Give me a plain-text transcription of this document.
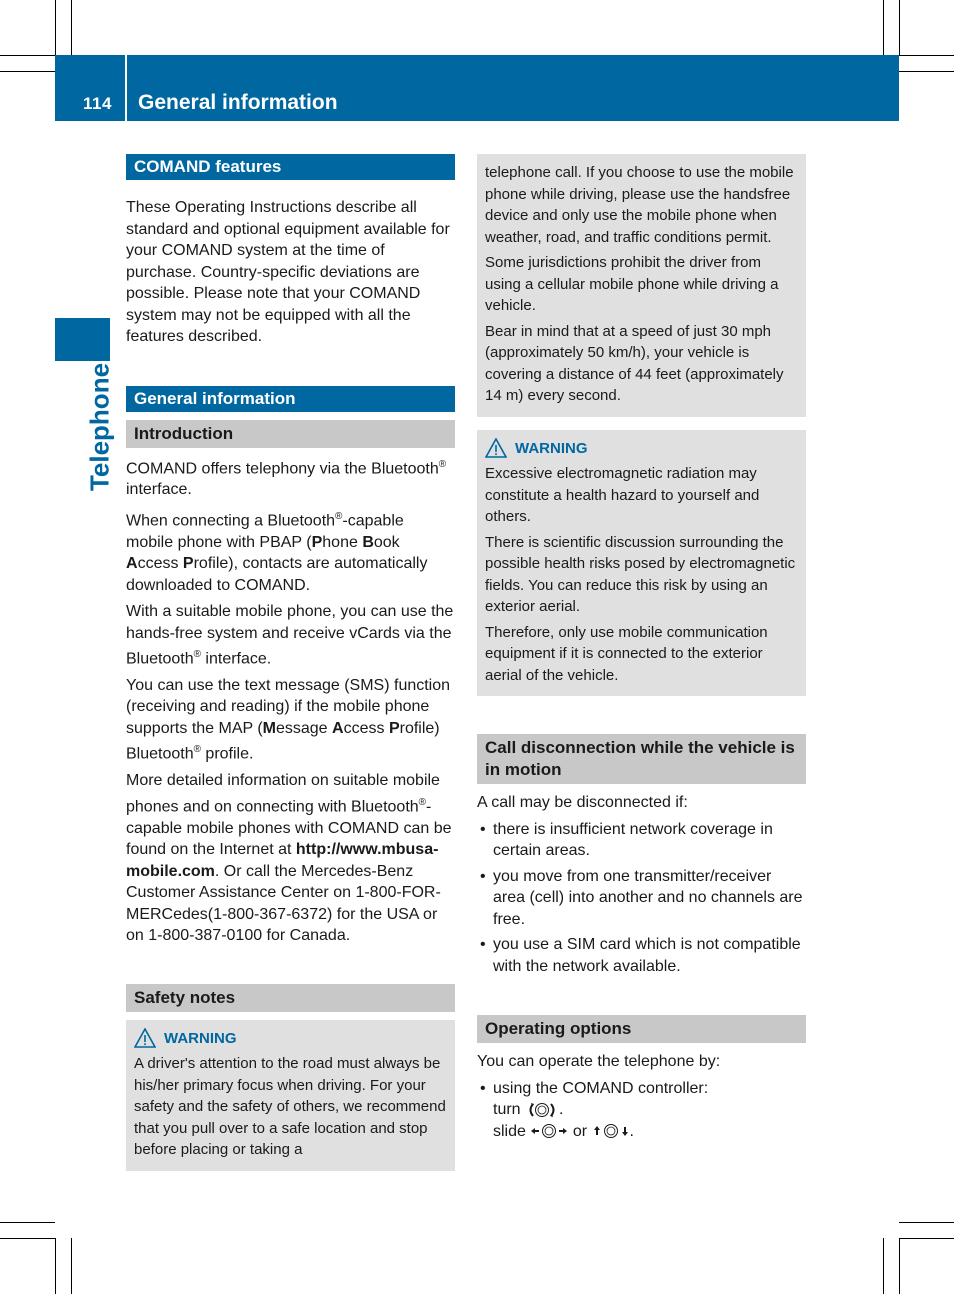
114 General information
Telephone
COMAND features

These Operating Instructions describe all standard and optional equipment available for your COMAND system at the time of purchase. Country-specific deviations are possible. Please note that your COMAND system may not be equipped with all the features described.

General information
Introduction

COMAND offers telephony via the Bluetooth® interface.

When connecting a Bluetooth®-capable mobile phone with PBAP (Phone Book Access Profile), contacts are automatically downloaded to COMAND.

With a suitable mobile phone, you can use the hands-free system and receive vCards via the Bluetooth® interface.

You can use the text message (SMS) function (receiving and reading) if the mobile phone supports the MAP (Message Access Profile) Bluetooth® profile.

More detailed information on suitable mobile phones and on connecting with Bluetooth®-capable mobile phones with COMAND can be found on the Internet at http://www.mbusa-mobile.com. Or call the Mercedes-Benz Customer Assistance Center on 1-800-FOR-MERCedes(1-800-367-6372) for the USA or on 1-800-387-0100 for Canada.

Safety notes
WARNING

A driver's attention to the road must always be his/her primary focus when driving. For your safety and the safety of others, we recommend that you pull over to a safe location and stop before placing or taking a

telephone call. If you choose to use the mobile phone while driving, please use the handsfree device and only use the mobile phone when weather, road, and traffic conditions permit.

Some jurisdictions prohibit the driver from using a cellular mobile phone while driving a vehicle.

Bear in mind that at a speed of just 30 mph (approximately 50 km/h), your vehicle is covering a distance of 44 feet (approximately 14 m) every second.

WARNING

Excessive electromagnetic radiation may constitute a health hazard to yourself and others.

There is scientific discussion surrounding the possible health risks posed by electromagnetic fields. You can reduce this risk by using an exterior aerial.

Therefore, only use mobile communication equipment if it is connected to the exterior aerial of the vehicle.

Call disconnection while the vehicle is in motion

A call may be disconnected if:

• there is insufficient network coverage in certain areas.
• you move from one transmitter/receiver area (cell) into another and no channels are free.
• you use a SIM card which is not compatible with the network available.
Operating options

You can operate the telephone by:

• using the COMAND controller:
turn .
slide	or	.
